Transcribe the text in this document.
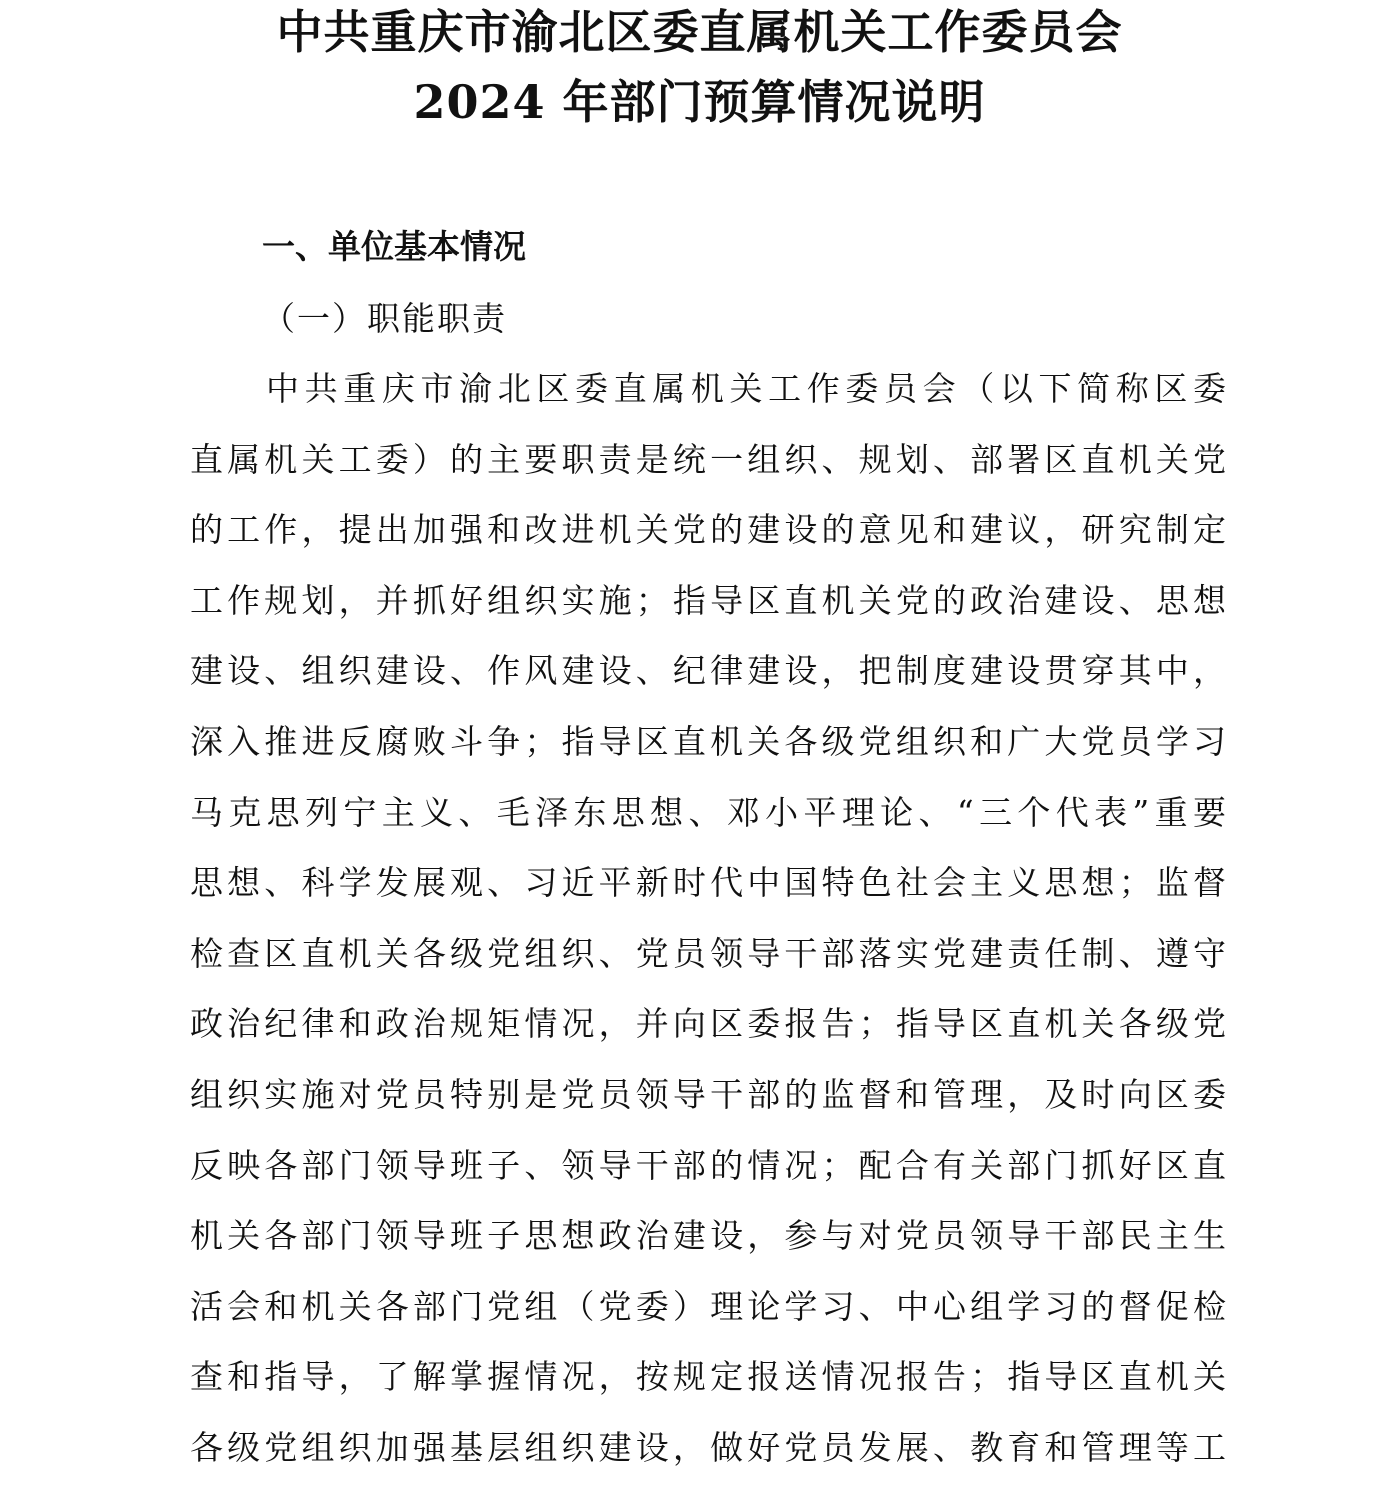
中共重庆市渝北区委直属机关工作委员会
2024 年部门预算情况说明
一、单位基本情况
（一）职能职责
中共重庆市渝北区委直属机关工作委员会（以下简称区委
直属机关工委）的主要职责是统一组织、规划、部署区直机关党
的工作，提出加强和改进机关党的建设的意见和建议，研究制定
工作规划，并抓好组织实施；指导区直机关党的政治建设、思想
建设、组织建设、作风建设、纪律建设，把制度建设贯穿其中，
深入推进反腐败斗争；指导区直机关各级党组织和广大党员学习
马克思列宁主义、毛泽东思想、邓小平理论、“三个代表”重要
思想、科学发展观、习近平新时代中国特色社会主义思想；监督
检查区直机关各级党组织、党员领导干部落实党建责任制、遵守
政治纪律和政治规矩情况，并向区委报告；指导区直机关各级党
组织实施对党员特别是党员领导干部的监督和管理，及时向区委
反映各部门领导班子、领导干部的情况；配合有关部门抓好区直
机关各部门领导班子思想政治建设，参与对党员领导干部民主生
活会和机关各部门党组（党委）理论学习、中心组学习的督促检
查和指导，了解掌握情况，按规定报送情况报告；指导区直机关
各级党组织加强基层组织建设，做好党员发展、教育和管理等工
